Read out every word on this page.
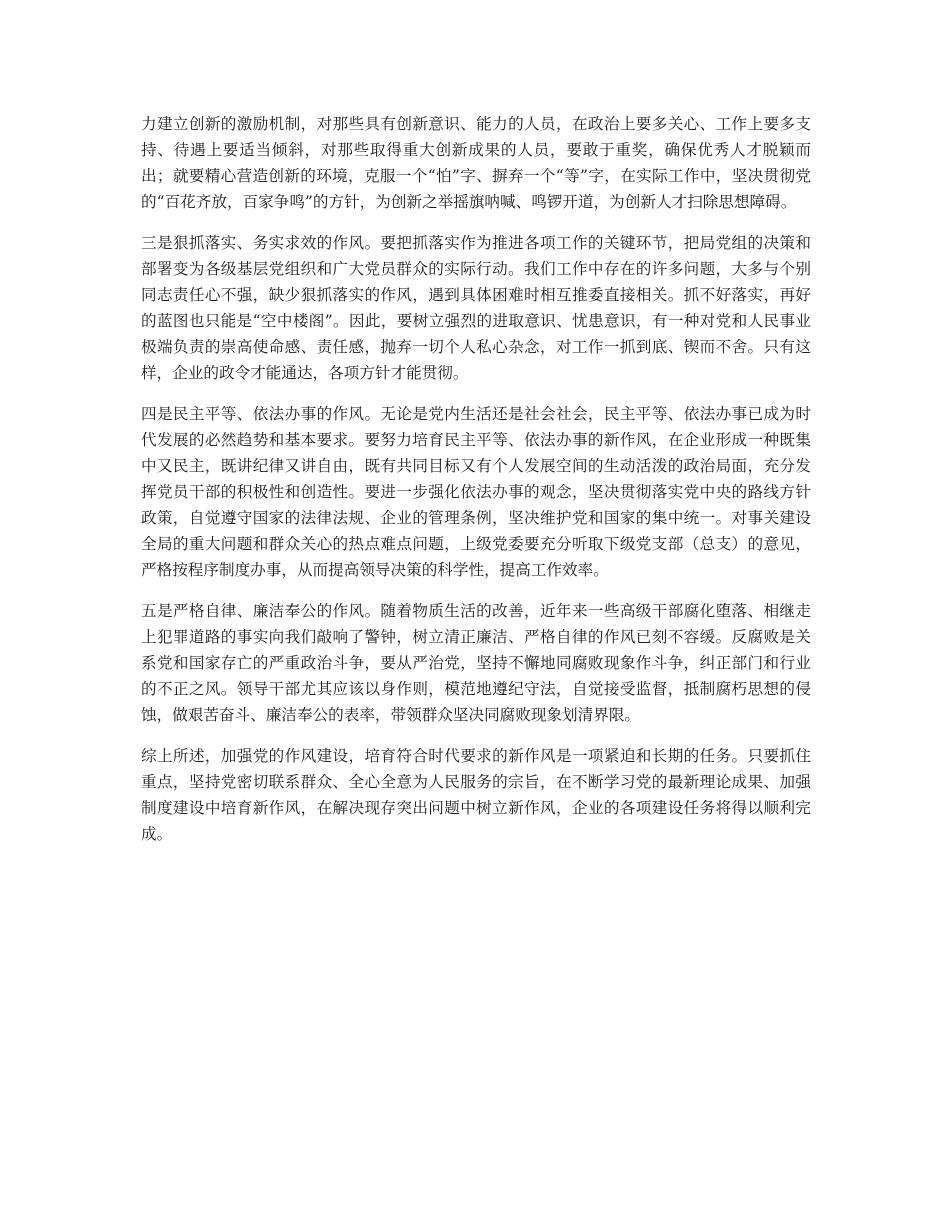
力建立创新的激励机制，对那些具有创新意识、能力的人员，在政治上要多关心、工作上要多支持、待遇上要适当倾斜，对那些取得重大创新成果的人员，要敢于重奖，确保优秀人才脱颖而出；就要精心营造创新的环境，克服一个“怕”字、摒弃一个“等”字，在实际工作中，坚决贯彻党的“百花齐放，百家争鸣”的方针，为创新之举摇旗呐喊、鸣锣开道，为创新人才扫除思想障碍。

三是狠抓落实、务实求效的作风。要把抓落实作为推进各项工作的关键环节，把局党组的决策和部署变为各级基层党组织和广大党员群众的实际行动。我们工作中存在的许多问题，大多与个别同志责任心不强，缺少狠抓落实的作风，遇到具体困难时相互推委直接相关。抓不好落实，再好的蓝图也只能是“空中楼阁”。因此，要树立强烈的进取意识、忧患意识，有一种对党和人民事业极端负责的崇高使命感、责任感，抛弃一切个人私心杂念，对工作一抓到底、锲而不舍。只有这样，企业的政令才能通达，各项方针才能贯彻。

四是民主平等、依法办事的作风。无论是党内生活还是社会社会，民主平等、依法办事已成为时代发展的必然趋势和基本要求。要努力培育民主平等、依法办事的新作风，在企业形成一种既集中又民主，既讲纪律又讲自由，既有共同目标又有个人发展空间的生动活泼的政治局面，充分发挥党员干部的积极性和创造性。要进一步强化依法办事的观念，坚决贯彻落实党中央的路线方针政策，自觉遵守国家的法律法规、企业的管理条例，坚决维护党和国家的集中统一。对事关建设全局的重大问题和群众关心的热点难点问题，上级党委要充分听取下级党支部（总支）的意见，严格按程序制度办事，从而提高领导决策的科学性，提高工作效率。

五是严格自律、廉洁奉公的作风。随着物质生活的改善，近年来一些高级干部腐化堕落、相继走上犯罪道路的事实向我们敲响了警钟，树立清正廉洁、严格自律的作风已刻不容缓。反腐败是关系党和国家存亡的严重政治斗争，要从严治党，坚持不懈地同腐败现象作斗争，纠正部门和行业的不正之风。领导干部尤其应该以身作则，模范地遵纪守法，自觉接受监督，抵制腐朽思想的侵蚀，做艰苦奋斗、廉洁奉公的表率，带领群众坚决同腐败现象划清界限。

综上所述，加强党的作风建设，培育符合时代要求的新作风是一项紧迫和长期的任务。只要抓住重点，坚持党密切联系群众、全心全意为人民服务的宗旨，在不断学习党的最新理论成果、加强制度建设中培育新作风，在解决现存突出问题中树立新作风，企业的各项建设任务将得以顺利完成。
